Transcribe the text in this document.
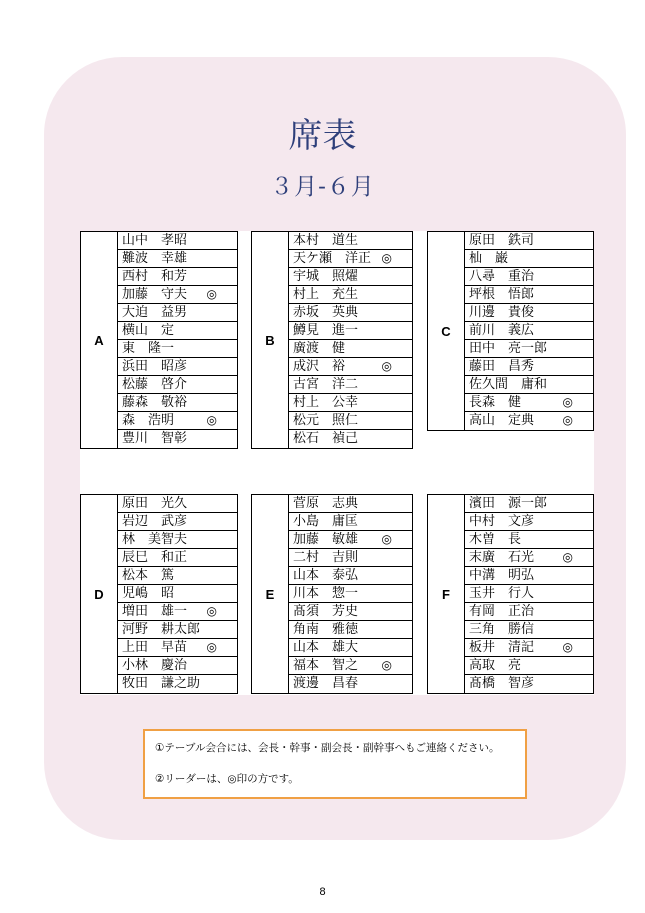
席表
３月-６月
A
山中　孝昭
難波　幸雄
西村　和芳
加藤　守夫 ◎
大迫　益男
横山　定
東　隆一
浜田　昭彦
松藤　啓介
藤森　敬裕
森　浩明	◎
豊川　智彰
B
本村　道生
天ケ瀬　洋正 ◎
宇城　照燿
村上　充生
赤坂　英典
鱒見　進一
廣渡　健
成沢　裕	◎
古宮　洋二
村上　公幸
松元　照仁
松石　禎己
C
原田　鉄司
杣　巌
八尋　重治
坪根　悟郎
川邊　貴俊
前川　義広
田中　亮一郎
藤田　昌秀
佐久間　庸和
長森　健	◎
高山　定典 ◎
D
原田　光久
岩辺　武彦
林　美智夫
辰巳　和正
松本　篤
児嶋　昭
増田　雄一 ◎
河野　耕太郎
上田　早苗 ◎
小林　慶治
牧田　謙之助
E
菅原　志典
小島　庸匡
加藤　敏雄 ◎
二村　吉則
山本　泰弘
川本　惣一
髙須　芳史
角南　雅徳
山本　雄大
福本　智之 ◎
渡邊　昌春
F
濱田　源一郎
中村　文彦
木曽　長
末廣　石光 ◎
中溝　明弘
玉井　行人
有岡　正治
三角　勝信
板井　清記 ◎
高取　亮
髙橋　智彦
①テーブル会合には、会長・幹事・副会長・副幹事へもご連絡ください。
②リーダーは、◎印の方です。
8
